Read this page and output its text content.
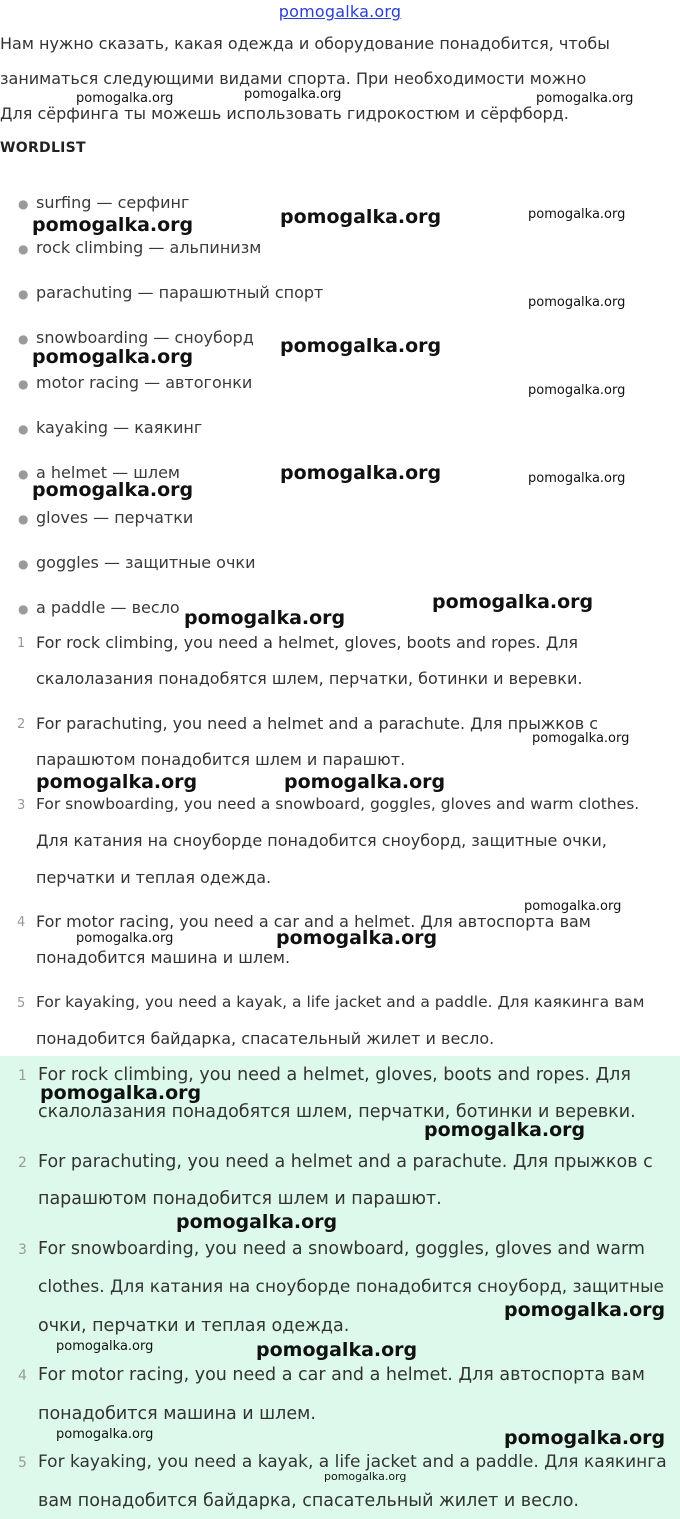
pomogalka.org
Нам нужно сказать, какая одежда и оборудование понадобится, чтобы
заниматься следующими видами спорта. При необходимости можно
Для сёрфинга ты можешь использовать гидрокостюм и сёрфборд.
WORDLIST
● surfing — серфинг
● rock climbing — альпинизм
● parachuting — парашютный спорт
● snowboarding — сноуборд
● motor racing — автогонки
● kayaking — каякинг
● a helmet — шлем
● gloves — перчатки
● goggles — защитные очки
● a paddle — весло
1 For rock climbing, you need a helmet, gloves, boots and ropes. Для
скалолазания понадобятся шлем, перчатки, ботинки и веревки.
2 For parachuting, you need a helmet and a parachute. Для прыжков с
парашютом понадобится шлем и парашют.
3 For snowboarding, you need a snowboard, goggles, gloves and warm clothes.
Для катания на сноуборде понадобится сноуборд, защитные очки,
перчатки и теплая одежда.
4 For motor racing, you need a car and a helmet. Для автоспорта вам
понадобится машина и шлем.
5 For kayaking, you need a kayak, a life jacket and a paddle. Для каякинга вам
понадобится байдарка, спасательный жилет и весло.
1 For rock climbing, you need a helmet, gloves, boots and ropes. Для
скалолазания понадобятся шлем, перчатки, ботинки и веревки.
2 For parachuting, you need a helmet and a parachute. Для прыжков с
парашютом понадобится шлем и парашют.
3 For snowboarding, you need a snowboard, goggles, gloves and warm
clothes. Для катания на сноуборде понадобится сноуборд, защитные
очки, перчатки и теплая одежда.
4 For motor racing, you need a car and a helmet. Для автоспорта вам
понадобится машина и шлем.
5 For kayaking, you need a kayak, a life jacket and a paddle. Для каякинга
вам понадобится байдарка, спасательный жилет и весло.
pomogalka.org	pomogalka.org	pomogalka.org
pomogalka.org	pomogalka.org	pomogalka.org
pomogalka.org
pomogalka.org	pomogalka.org
pomogalka.org
pomogalka.org
pomogalka.org
pomogalka.org
pomogalka.org
pomogalka.org
pomogalka.org
pomogalka.org	pomogalka.org
pomogalka.org
pomogalka.org	pomogalka.org
pomogalka.org
pomogalka.org
pomogalka.org
pomogalka.org
pomogalka.org	pomogalka.org
pomogalka.org	pomogalka.org
pomogalka.org
